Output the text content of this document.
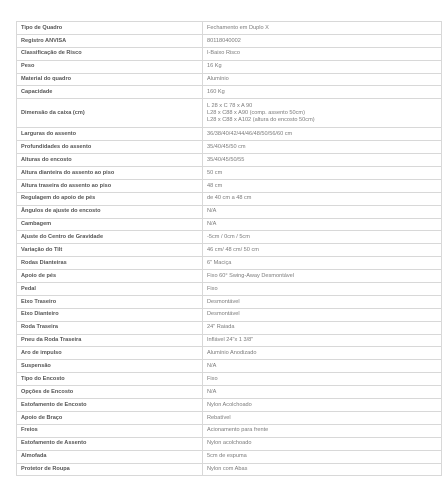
Tipo de Quadro	Fechamento em Duplo X

Registro ANVISA	80118040002

Classificação de Risco	I-Baixo Risco

Peso	16 Kg

Material do quadro	Alumínio

Capacidade	160 Kg

Dimensão da caixa (cm)	L 28 x C 78 x A 90
L28 x C88 x A90 (comp. assento 50cm)
L28 x C88 x A102 (altura do encosto 50cm)

Larguras do assento	36/38/40/42/44/46/48/50/56/60 cm

Profundidades do assento	35/40/45/50 cm

Alturas do encosto	35/40/45/50/55

Altura dianteira do assento ao piso	50 cm

Altura traseira do assento ao piso	48 cm

Regulagem do apoio de pés	de 40 cm a 48 cm

Ângulos de ajuste do encosto	N/A

Cambagem	N/A

Ajuste do Centro de Gravidade	-5cm / 0cm / 5cm

Variação do Tilt	46 cm/ 48 cm/ 50 cm

Rodas Dianteiras	6" Maciça

Apoio de pés	Fixo 60° Swing-Away Desmontável

Pedal	Fixo

Eixo Traseiro	Desmontável

Eixo Dianteiro	Desmontável

Roda Traseira	24" Raiada

Pneu da Roda Traseira	Inflável 24"x 1 3/8"

Aro de impulso	Alumínio Anodizado

Suspensão	N/A

Tipo do Encosto	Fixo

Opções de Encosto	N/A

Estofamento de Encosto	Nylon Acolchoado

Apoio de Braço	Rebatível

Freios	Acionamento para frente

Estofamento de Assento	Nylon acolchoado

Almofada	5cm de espuma

Protetor de Roupa	Nylon com Abas
